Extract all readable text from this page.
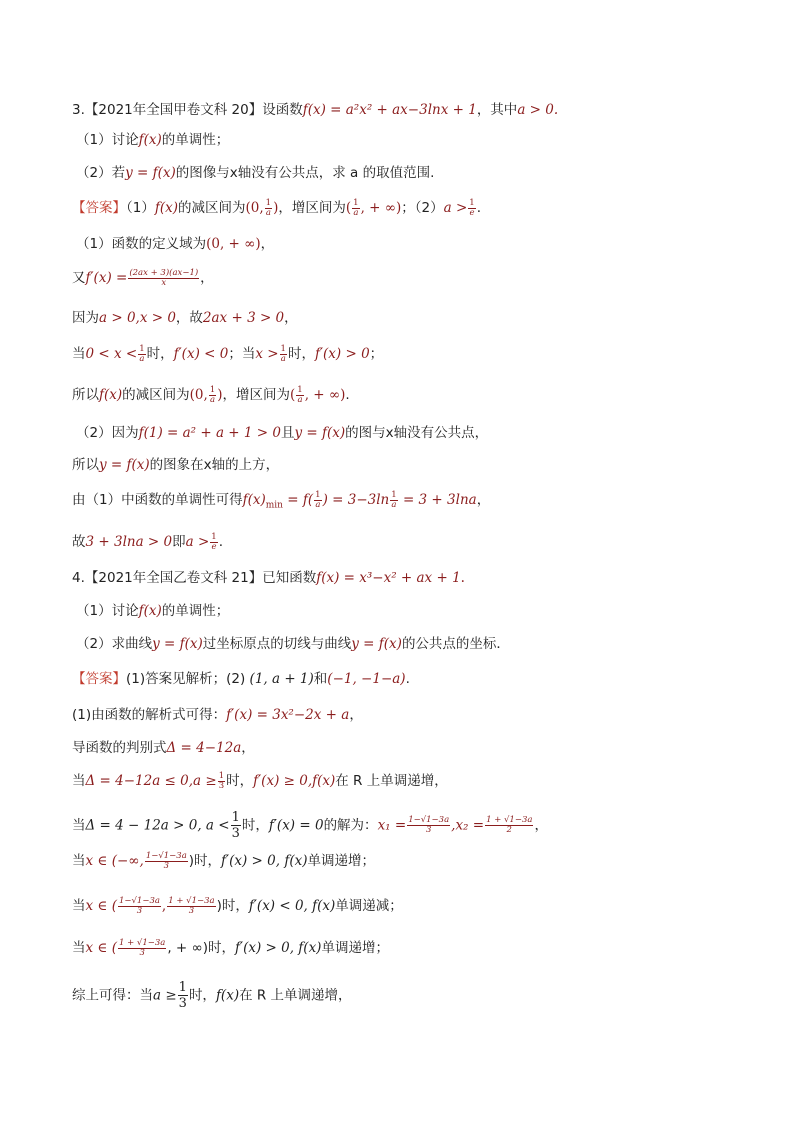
3.【2021年全国甲卷文科 20】设函数f(x) = a²x² + ax−3lnx + 1，其中a > 0.
（1）讨论f(x)的单调性；
（2）若y = f(x)的图像与x轴没有公共点，求 a 的取值范围.
【答案】（1）f(x)的减区间为(0, $\frac{1}{a}$ )，增区间为( $\frac{1}{a}$ , + ∞)；$(2)a > \frac{1}{e}$ .
（1）函数的定义域为(0, + ∞)，
又$f'(x) = \frac{(2ax + 3)(ax-1)}{x}$ ，
因为a > 0,x > 0，故2ax + 3 > 0，
当$0 < x < \frac{1}{a}$ 时，f′(x) < 0；当$x > \frac{1}{a}$ 时，f′(x) > 0；
所以f(x)的减区间为(0, $\frac{1}{a}$ )，增区间为( $\frac{1}{a}$ , + ∞).
（2）因为f(1) = a² + a + 1 > 0且y = f(x)的图与x轴没有公共点，
所以y = f(x)的图象在x轴的上方，
由（1）中函数的单调性可得$f(x)_{min} = f( \frac{1}{a}$ ) = $3-3\ln \frac{1}{a} = 3 + 3\ln a$，
故3 + 3lna > 0即$a > \frac{1}{e}$ .
4.【2021年全国乙卷文科 21】已知函数f(x) = x³−x² + ax + 1.
（1）讨论f(x)的单调性；
（2）求曲线y = f(x)过坐标原点的切线与曲线y = f(x)的公共点的坐标．
【答案】(1)答案见解析；(2) (1, a + 1)和(−1, −1−a).
(1)由函数的解析式可得：f′(x) = 3x²−2x + a，
导函数的判别式Δ = 4−12a，
当$\Delta = 4-12a \le 0,a \ge \frac{1}{3}$ 时，f′(x) ≥ 0,f(x)在 R 上单调递增，
当Δ = 4 − 12a > 0, $a < \frac{1}{3}$ 时，f′(x) = 0的解为：$x_1 = \frac{1-√1-3a}{3} ,x_2 = \frac{1 + √1-3a}{2}$ ，
当x ∈ (−∞, $\frac{1-√1-3a}{3}$ )时，f′(x) > 0, f(x)单调递增；
当x ∈ ( $\frac{1-√1-3a}{3}$ , $\frac{1 + √1-3a}{3}$ )时，f′(x) < 0, f(x)单调递减；
当x ∈ ( $\frac{1 + √1-3a}{3}$ , + ∞)时，f′(x) > 0, f(x)单调递增；
综上可得：当$a \ge \frac{1}{3}$ 时，f(x)在 R 上单调递增，
